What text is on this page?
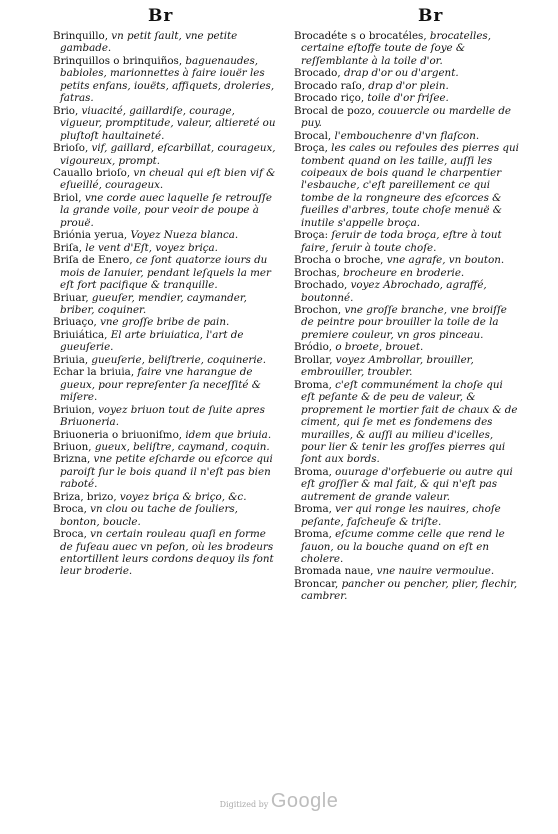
Br	Br

Brinquillo, vn petit ſault, vne petite gambade.

Brinquillos o brinquiños, baguenaudes, babioles, marionnettes à faire iouër les petits enfans, iouëts, affiquets, droleries, fatras.

Brio, viuacité, gaillardiſe, courage, vigueur, promptitude, valeur, altiereté ou pluſtoſt haultaineté.

Brioſo, vif, gaillard, eſcarbillat, courageux, vigoureux, prompt.

Cauallo brioſo, vn cheual qui eſt bien vif & eſueillé, courageux.

Briol, vne corde auec laquelle ſe retrouſſe la grande voile, pour veoir de poupe à prouë.

Briónia yerua, Voyez Nueza blanca.

Briſa, le vent d'Eſt, voyez briça.

Briſa de Enero, ce ſont quatorze iours du mois de Ianuier, pendant leſquels la mer eſt fort pacifique & tranquille.

Briuar, gueuſer, mendier, caymander, briber, coquiner.

Briuaço, vne groſſe bribe de pain.

Briuiática, El arte briuiatica, l'art de gueuſerie.

Briuia, gueuſerie, beliſtrerie, coquinerie.

Echar la briuia, faire vne harangue de gueux, pour repreſenter ſa neceſſité & miſere.

Briuion, voyez briuon tout de ſuite apres Briuoneria.

Briuoneria o briuoniſmo, idem que briuia.

Briuon, gueux, beliſtre, caymand, coquin.

Brizna, vne petite eſcharde ou eſcorce qui paroiſt ſur le bois quand il n'eſt pas bien raboté.

Briza, brizo, voyez briça & briço, &c.

Broca, vn clou ou tache de ſouliers, bonton, boucle.

Broca, vn certain rouleau quaſi en forme de fuſeau auec vn peſon, où les brodeurs entortillent leurs cordons dequoy ils font leur broderie.

Brocadéte s o brocatéles, brocatelles, certaine eſtoffe toute de ſoye & reſſemblante à la toile d'or.

Brocado, drap d'or ou d'argent.

Brocado raſo, drap d'or plein.

Brocado riço, toile d'or friſee.

Brocal de pozo, couuercle ou mardelle de puy.

Brocal, l'embouchenre d'vn flaſcon.

Broça, les cales ou refoules des pierres qui tombent quand on les taille, auſſi les coipeaux de bois quand le charpentier l'esbauche, c'eſt pareillement ce qui tombe de la rongneure des eſcorces & fueilles d'arbres, toute choſe menuë & inutile s'appelle broça.

Broça: ſeruir de toda broça, eſtre à tout faire, ſeruir à toute choſe.

Brocha o broche, vne agrafe, vn bouton.

Brochas, brocheure en broderie.

Brochado, voyez Abrochado, agraffé, boutonné.

Brochon, vne groſſe branche, vne broiſſe de peintre pour brouiller la toile de la premiere couleur, vn gros pinceau.

Bródio, o broete, brouet.

Brollar, voyez Ambrollar, brouiller, embrouiller, troubler.

Broma, c'eſt communément la choſe qui eſt peſante & de peu de valeur, & proprement le mortier fait de chaux & de ciment, qui ſe met es fondemens des murailles, & auſſi au milieu d'icelles, pour lier & tenir les groſſes pierres qui ſont aux bords.

Broma, ouurage d'orfebuerie ou autre qui eſt groſſier & mal fait, & qui n'eſt pas autrement de grande valeur.

Broma, ver qui ronge les nauires, choſe peſante, faſcheuſe & triſte.

Broma, eſcume comme celle que rend le ſauon, ou la bouche quand on eſt en cholere.

Bromada naue, vne nauire vermoulue.

Broncar, pancher ou pencher, plier, flechir, cambrer.

Digitized by Google
